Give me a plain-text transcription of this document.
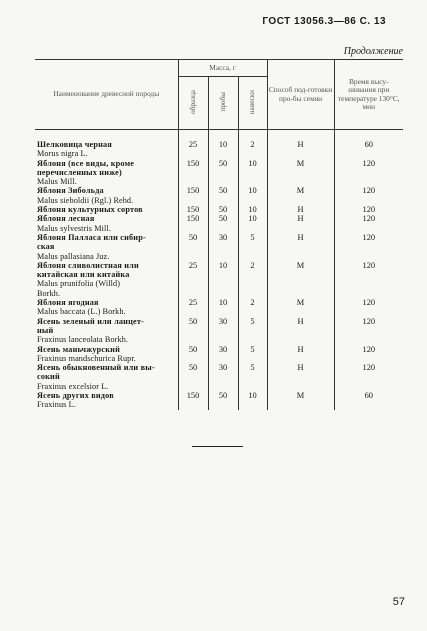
ГОСТ 13056.3—86 С. 13
Продолжение
Наименование древесной породы	Масса, г			Способ под-готовки про-бы семян	Время высу-шивания при температуре 130°С, мин
	образца	пробы	навески		

Шелковица черная
Morus nigra L.	25	10	2	Н	60

Яблоня (все виды, кроме
перечисленных ниже)
Malus Mill.	150	50	10	М	120

Яблоня Зибольда
Malus sieboldii (Rgl.) Rehd.	150	50	10	М	120

Яблоня культурных сортов	150	50	10	Н	120

Яблоня лесная
Malus sylvestris Mill.	150	50	10	Н	120

Яблоня Палласа или сибир-
ская
Malus pallasiana Juz.	50	30	5	Н	120

Яблоня сливолистная или
китайская или китайка
Malus prunifolia (Willd)
Borkh.	25	10	2	М	120

Яблоня ягодная
Malus baccata (L.) Borkh.	25	10	2	М	120

Ясень зеленый или ланцет-
ный
Fraxinus lanceolata Borkh.	50	30	5	Н	120

Ясень маньчжурский
Fraxinus mandschurica Rupr.	50	30	5	Н	120

Ясень обыкновенный или вы-
сокий
Fraxinus excelsior L.	50	30	5	Н	120

Ясень других видов
Fraxinus L.	150	50	10	М	60
57
